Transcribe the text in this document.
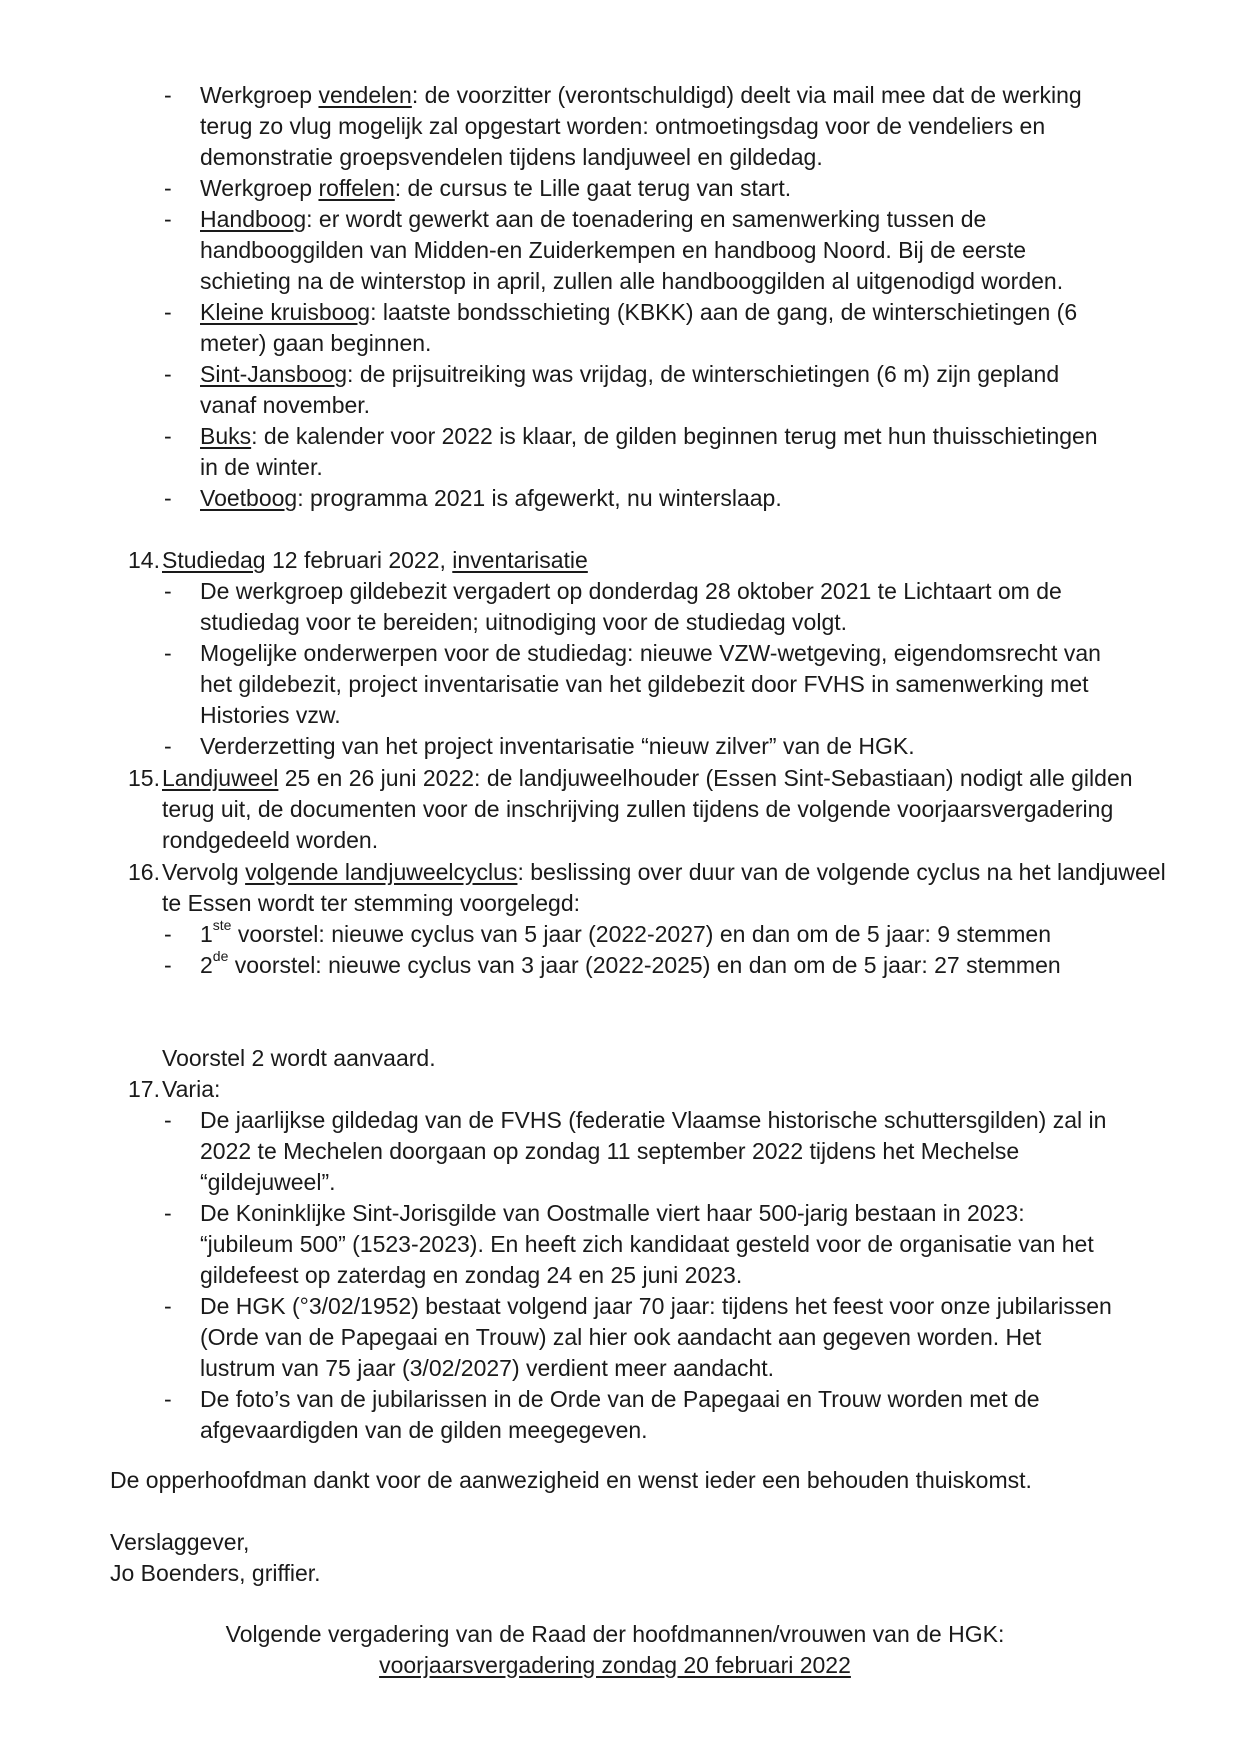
- Werkgroep vendelen: de voorzitter (verontschuldigd) deelt via mail mee dat de werking terug zo vlug mogelijk zal opgestart worden: ontmoetingsdag voor de vendeliers en demonstratie groepsvendelen tijdens landjuweel en gildedag.
- Werkgroep roffelen: de cursus te Lille gaat terug van start.
- Handboog: er wordt gewerkt aan de toenadering en samenwerking tussen de handbooggilden van Midden-en Zuiderkempen en handboog Noord. Bij de eerste schieting na de winterstop in april, zullen alle handbooggilden al uitgenodigd worden.
- Kleine kruisboog: laatste bondsschieting (KBKK) aan de gang, de winterschietingen (6 meter) gaan beginnen.
- Sint-Jansboog: de prijsuitreiking was vrijdag, de winterschietingen (6 m) zijn gepland vanaf november.
- Buks: de kalender voor 2022 is klaar, de gilden beginnen terug met hun thuisschietingen in de winter.
- Voetboog: programma 2021 is afgewerkt, nu winterslaap.
14. Studiedag 12 februari 2022, inventarisatie
- De werkgroep gildebezit vergadert op donderdag 28 oktober 2021 te Lichtaart om de studiedag voor te bereiden; uitnodiging voor de studiedag volgt.
- Mogelijke onderwerpen voor de studiedag: nieuwe VZW-wetgeving, eigendomsrecht van het gildebezit, project inventarisatie van het gildebezit door FVHS in samenwerking met Histories vzw.
- Verderzetting van het project inventarisatie “nieuw zilver” van de HGK.
15. Landjuweel 25 en 26 juni 2022: de landjuweelhouder (Essen Sint-Sebastiaan) nodigt alle gilden terug uit, de documenten voor de inschrijving zullen tijdens de volgende voorjaarsvergadering rondgedeeld worden.
16. Vervolg volgende landjuweelcyclus: beslissing over duur van de volgende cyclus na het landjuweel te Essen wordt ter stemming voorgelegd:
- 1ste voorstel: nieuwe cyclus van 5 jaar (2022-2027) en dan om de 5 jaar: 9 stemmen
- 2de voorstel: nieuwe cyclus van 3 jaar (2022-2025) en dan om de 5 jaar: 27 stemmen
Voorstel 2 wordt aanvaard.
17. Varia:
- De jaarlijkse gildedag van de FVHS (federatie Vlaamse historische schuttersgilden) zal in 2022 te Mechelen doorgaan op zondag 11 september 2022 tijdens het Mechelse “gildejuweel”.
- De Koninklijke Sint-Jorisgilde van Oostmalle viert haar 500-jarig bestaan in 2023: “jubileum 500” (1523-2023). En heeft zich kandidaat gesteld voor de organisatie van het gildefeest op zaterdag en zondag 24 en 25 juni 2023.
- De HGK (°3/02/1952) bestaat volgend jaar 70 jaar: tijdens het feest voor onze jubilarissen (Orde van de Papegaai en Trouw) zal hier ook aandacht aan gegeven worden. Het lustrum van 75 jaar (3/02/2027) verdient meer aandacht.
- De foto’s van de jubilarissen in de Orde van de Papegaai en Trouw worden met de afgevaardigden van de gilden meegegeven.
De opperhoofdman dankt voor de aanwezigheid en wenst ieder een behouden thuiskomst.
Verslaggever,
Jo Boenders, griffier.
Volgende vergadering van de Raad der hoofdmannen/vrouwen van de HGK:
voorjaarsvergadering zondag 20 februari 2022
